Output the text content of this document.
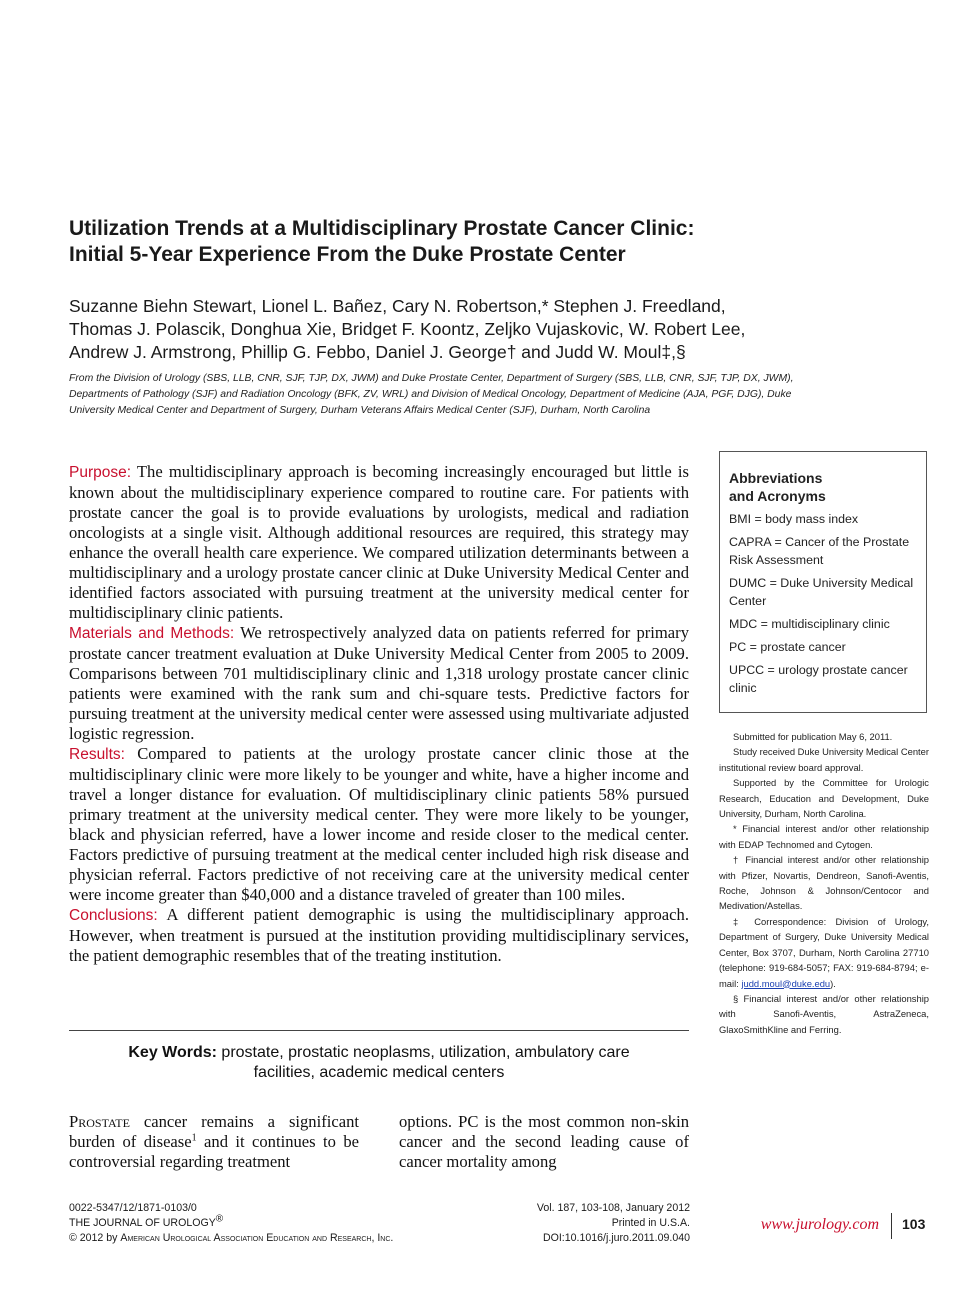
Utilization Trends at a Multidisciplinary Prostate Cancer Clinic:
Initial 5-Year Experience From the Duke Prostate Center
Suzanne Biehn Stewart, Lionel L. Bañez, Cary N. Robertson,* Stephen J. Freedland,
Thomas J. Polascik, Donghua Xie, Bridget F. Koontz, Zeljko Vujaskovic, W. Robert Lee,
Andrew J. Armstrong, Phillip G. Febbo, Daniel J. George† and Judd W. Moul‡,§
From the Division of Urology (SBS, LLB, CNR, SJF, TJP, DX, JWM) and Duke Prostate Center, Department of Surgery (SBS, LLB, CNR, SJF, TJP, DX, JWM), Departments of Pathology (SJF) and Radiation Oncology (BFK, ZV, WRL) and Division of Medical Oncology, Department of Medicine (AJA, PGF, DJG), Duke University Medical Center and Department of Surgery, Durham Veterans Affairs Medical Center (SJF), Durham, North Carolina

Purpose: The multidisciplinary approach is becoming increasingly encouraged but little is known about the multidisciplinary experience compared to routine care. For patients with prostate cancer the goal is to provide evaluations by urologists, medical and radiation oncologists at a single visit. Although additional resources are required, this strategy may enhance the overall health care experience. We compared utilization determinants between a multidisciplinary and a urology prostate cancer clinic at Duke University Medical Center and identified factors associated with pursuing treatment at the university medical center for multidisciplinary clinic patients.

Materials and Methods: We retrospectively analyzed data on patients referred for primary prostate cancer treatment evaluation at Duke University Medical Center from 2005 to 2009. Comparisons between 701 multidisciplinary clinic and 1,318 urology prostate cancer clinic patients were examined with the rank sum and chi-square tests. Predictive factors for pursuing treatment at the university medical center were assessed using multivariate adjusted logistic regression.

Results: Compared to patients at the urology prostate cancer clinic those at the multidisciplinary clinic were more likely to be younger and white, have a higher income and travel a longer distance for evaluation. Of multidisciplinary clinic patients 58% pursued primary treatment at the university medical center. They were more likely to be younger, black and physician referred, have a lower income and reside closer to the medical center. Factors predictive of pursuing treatment at the medical center included high risk disease and physician referral. Factors predictive of not receiving care at the university medical center were income greater than $40,000 and a distance traveled of greater than 100 miles.

Conclusions: A different patient demographic is using the multidisciplinary approach. However, when treatment is pursued at the institution providing multidisciplinary services, the patient demographic resembles that of the treating institution.

Key Words: prostate, prostatic neoplasms, utilization, ambulatory care
facilities, academic medical centers
Prostate cancer remains a significant burden of disease$^1$ and it continues to be controversial regarding treatment
options. PC is the most common non-skin cancer and the second leading cause of cancer mortality among
Abbreviations
and Acronyms
BMI = body mass index
CAPRA = Cancer of the Prostate Risk Assessment
DUMC = Duke University Medical Center
MDC = multidisciplinary clinic
PC = prostate cancer
UPCC = urology prostate cancer clinic

Submitted for publication May 6, 2011.

Study received Duke University Medical Center institutional review board approval.

Supported by the Committee for Urologic Research, Education and Development, Duke University, Durham, North Carolina.

* Financial interest and/or other relationship with EDAP Technomed and Cytogen.

† Financial interest and/or other relationship with Pfizer, Novartis, Dendreon, Sanofi-Aventis, Roche, Johnson & Johnson/Centocor and Medivation/Astellas.

‡ Correspondence: Division of Urology, Department of Surgery, Duke University Medical Center, Box 3707, Durham, North Carolina 27710 (telephone: 919-684-5057; FAX: 919-684-8794; e-mail: judd.moul@duke.edu).

§ Financial interest and/or other relationship with Sanofi-Aventis, AstraZeneca, GlaxoSmithKline and Ferring.

0022-5347/12/1871-0103/0
THE JOURNAL OF UROLOGY®
© 2012 by American Urological Association Education and Research, Inc.
Vol. 187, 103-108, January 2012
Printed in U.S.A.
DOI:10.1016/j.juro.2011.09.040
www.jurology.com 103
